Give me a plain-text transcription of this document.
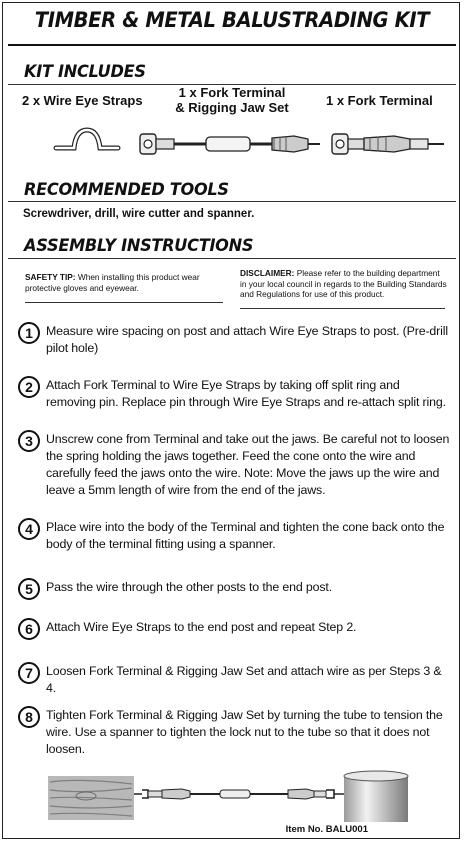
TIMBER & METAL BALUSTRADING KIT
KIT INCLUDES
2 x Wire Eye Straps
1 x Fork Terminal
& Rigging Jaw Set	1 x Fork Terminal
RECOMMENDED TOOLS
Screwdriver, drill, wire cutter and spanner.
ASSEMBLY INSTRUCTIONS
SAFETY TIP: When installing this product wear protective gloves and eyewear.
DISCLAIMER: Please refer to the building department in your local council in regards to the Building Standards and Regulations for use of this product.
1	Measure wire spacing on post and attach Wire Eye Straps to post. (Pre-drill pilot hole)
2	Attach Fork Terminal to Wire Eye Straps by taking off split ring and removing pin. Replace pin through Wire Eye Straps and re-attach split ring.
3	Unscrew cone from Terminal and take out the jaws. Be careful not to loosen the spring holding the jaws together. Feed the cone onto the wire and carefully feed the jaws onto the wire. Note: Move the jaws up the wire and leave a 5mm length of wire from the end of the jaws.
4	Place wire into the body of the Terminal and tighten the cone back onto the body of the terminal fitting using a spanner.
5	Pass the wire through the other posts to the end post.
6	Attach Wire Eye Straps to the end post and repeat Step 2.
7	Loosen Fork Terminal & Rigging Jaw Set and attach wire as per Steps 3 & 4.
8	Tighten Fork Terminal & Rigging Jaw Set by turning the tube to tension the wire. Use a spanner to tighten the lock nut to the tube so that it does not loosen.
Item No. BALU001
